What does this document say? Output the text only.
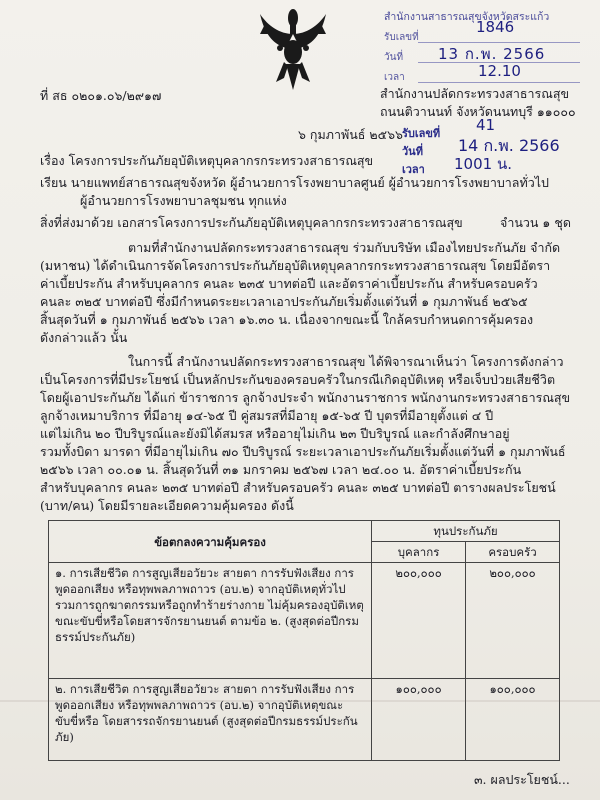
สำนักงานสาธารณสุขจังหวัดสระแก้ว
รับเลขที่
1846
วันที่ 13 ก.พ. 2566
เวลา	12.10
ที่ สธ ๐๒๐๑.๐๖/๒๙๑๗	สำนักงานปลัดกระทรวงสาธารณสุข
ถนนติวานนท์ จังหวัดนนทบุรี ๑๑๐๐๐
๖ กุมภาพันธ์ ๒๕๖๖ รับเลขที่ 41
วันที่ 14 ก.พ. 2566
เวลา 1001 น.
เรื่อง โครงการประกันภัยอุบัติเหตุบุคลากรกระทรวงสาธารณสุข
เรียน นายแพทย์สาธารณสุขจังหวัด ผู้อำนวยการโรงพยาบาลศูนย์ ผู้อำนวยการโรงพยาบาลทั่วไป
ผู้อำนวยการโรงพยาบาลชุมชน ทุกแห่ง
สิ่งที่ส่งมาด้วย เอกสารโครงการประกันภัยอุบัติเหตุบุคลากรกระทรวงสาธารณสุข	จำนวน ๑ ชุด
ตามที่สำนักงานปลัดกระทรวงสาธารณสุข ร่วมกับบริษัท เมืองไทยประกันภัย จำกัด
(มหาชน) ได้ดำเนินการจัดโครงการประกันภัยอุบัติเหตุบุคลากรกระทรวงสาธารณสุข โดยมีอัตรา
ค่าเบี้ยประกัน สำหรับบุคลากร คนละ ๒๓๕ บาทต่อปี และอัตราค่าเบี้ยประกัน สำหรับครอบครัว
คนละ ๓๒๕ บาทต่อปี ซึ่งมีกำหนดระยะเวลาเอาประกันภัยเริ่มตั้งแต่วันที่ ๑ กุมภาพันธ์ ๒๕๖๕
สิ้นสุดวันที่ ๑ กุมภาพันธ์ ๒๕๖๖ เวลา ๑๖.๓๐ น. เนื่องจากขณะนี้ ใกล้ครบกำหนดการคุ้มครอง
ดังกล่าวแล้ว นั้น
ในการนี้ สำนักงานปลัดกระทรวงสาธารณสุข ได้พิจารณาเห็นว่า โครงการดังกล่าว
เป็นโครงการที่มีประโยชน์ เป็นหลักประกันของครอบครัวในกรณีเกิดอุบัติเหตุ หรือเจ็บป่วยเสียชีวิต
โดยผู้เอาประกันภัย ได้แก่ ข้าราชการ ลูกจ้างประจำ พนักงานราชการ พนักงานกระทรวงสาธารณสุข
ลูกจ้างเหมาบริการ ที่มีอายุ ๑๔-๖๕ ปี คู่สมรสที่มีอายุ ๑๕-๖๕ ปี บุตรที่มีอายุตั้งแต่ ๔ ปี
แต่ไม่เกิน ๒๐ ปีบริบูรณ์และยังมิได้สมรส หรืออายุไม่เกิน ๒๓ ปีบริบูรณ์ และกำลังศึกษาอยู่
รวมทั้งบิดา มารดา ที่มีอายุไม่เกิน ๗๐ ปีบริบูรณ์ ระยะเวลาเอาประกันภัยเริ่มตั้งแต่วันที่ ๑ กุมภาพันธ์
๒๕๖๖ เวลา ๐๐.๐๑ น. สิ้นสุดวันที่ ๓๑ มกราคม ๒๕๖๗ เวลา ๒๔.๐๐ น. อัตราค่าเบี้ยประกัน
สำหรับบุคลากร คนละ ๒๓๕ บาทต่อปี สำหรับครอบครัว คนละ ๓๒๕ บาทต่อปี ตารางผลประโยชน์
(บาท/คน) โดยมีรายละเอียดความคุ้มครอง ดังนี้
ข้อตกลงความคุ้มครอง	ทุนประกันภัย	
	บุคลากร	ครอบครัว
๑. การเสียชีวิต การสูญเสียอวัยวะ สายตา การรับฟังเสียง การพูดออกเสียง หรือทุพพลภาพถาวร (อบ.๒) จากอุบัติเหตุทั่วไป รวมการถูกฆาตกรรมหรือถูกทำร้ายร่างกาย ไม่คุ้มครองอุบัติเหตุขณะขับขี่หรือโดยสารจักรยานยนต์ ตามข้อ ๒. (สูงสุดต่อปีกรมธรรม์ประกันภัย)	๒๐๐,๐๐๐	๒๐๐,๐๐๐
๒. การเสียชีวิต การสูญเสียอวัยวะ สายตา การรับฟังเสียง การพูดออกเสียง หรือทุพพลภาพถาวร (อบ.๒) จากอุบัติเหตุขณะขับขี่หรือ โดยสารรถจักรยานยนต์ (สูงสุดต่อปีกรมธรรม์ประกันภัย)	๑๐๐,๐๐๐	๑๐๐,๐๐๐
๓. ผลประโยชน์...
